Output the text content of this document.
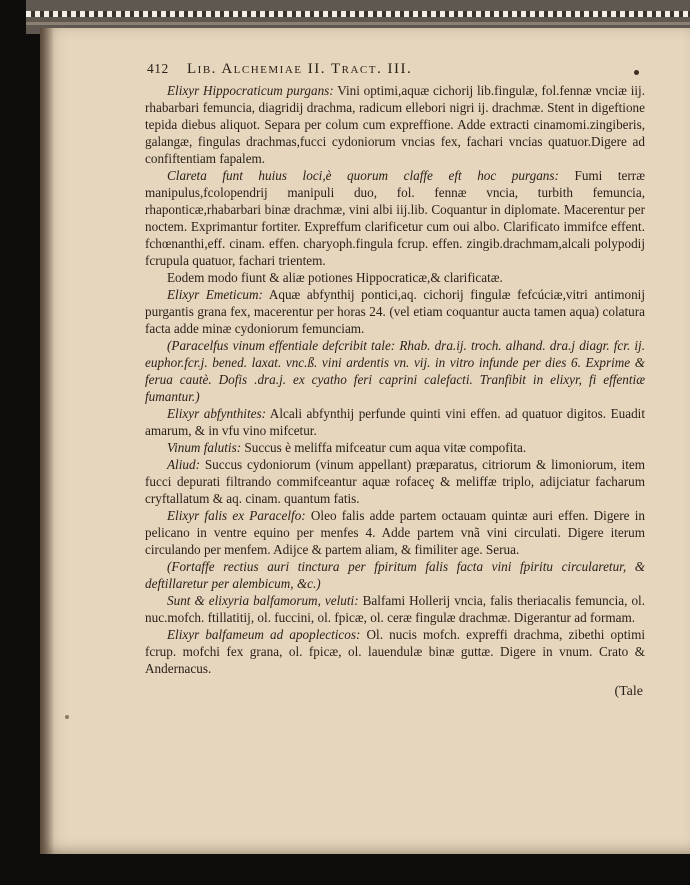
412	Lib. Alchemiae II. Tract. III.

Elixyr Hippocraticum purgans: Vini optimi,aquæ cichorij lib.fingulæ, fol.fennæ vnciæ iij. rhabarbari femuncia, diagridij drachma, radicum ellebori nigri ij. drachmæ. Stent in digeftione tepida diebus aliquot. Separa per colum cum expreffione. Adde extracti cinamomi.zingiberis, galangæ, fingulas drachmas,fucci cydoniorum vncias fex, fachari vncias quatuor.Digere ad confiftentiam fapalem.

Clareta funt huius loci,è quorum claffe eft hoc purgans: Fumi terræ manipulus,fcolopendrij manipuli duo, fol. fennæ vncia, turbith femuncia, rhaponticæ,rhabarbari binæ drachmæ, vini albi iij.lib. Coquantur in diplomate. Macerentur per noctem. Exprimantur fortiter. Expreffum clarificetur cum oui albo. Clarificato immifce effent. fchœnanthi,eff. cinam. effen. charyoph.fingula fcrup. effen. zingib.drachmam,alcali polypodij fcrupula quatuor, fachari trientem.

Eodem modo fiunt & aliæ potiones Hippocraticæ,& clarificatæ.

Elixyr Emeticum: Aquæ abfynthij pontici,aq. cichorij fingulæ fefcúciæ,vitri antimonij purgantis grana fex, macerentur per horas 24. (vel etiam coquantur aucta tamen aqua) colatura facta adde minæ cydoniorum femunciam.

(Paracelfus vinum effentiale defcribit tale: Rhab. dra.ij. troch. alhand. dra.j diagr. fcr. ij. euphor.fcr.j. bened. laxat. vnc.ß. vini ardentis vn. vij. in vitro infunde per dies 6. Exprime & ferua cautè. Dofis .dra.j. ex cyatho feri caprini calefacti. Tranfibit in elixyr, fi effentiæ fumantur.)

Elixyr abfynthites: Alcali abfynthij perfunde quinti vini effen. ad quatuor digitos. Euadit amarum, & in vfu vino mifcetur.

Vinum falutis: Succus è meliffa mifceatur cum aqua vitæ compofita.

Aliud: Succus cydoniorum (vinum appellant) præparatus, citriorum & limoniorum, item fucci depurati filtrando commifceantur aquæ rofaceç & meliffæ triplo, adijciatur facharum cryftallatum & aq. cinam. quantum fatis.

Elixyr falis ex Paracelfo: Oleo falis adde partem octauam quintæ auri effen. Digere in pelicano in ventre equino per menfes 4. Adde partem vnã vini circulati. Digere iterum circulando per menfem. Adijce & partem aliam, & fimiliter age. Serua.

(Fortaffe rectius auri tinctura per fpiritum falis facta vini fpiritu circularetur, & deftillaretur per alembicum, &c.)

Sunt & elixyria balfamorum, veluti: Balfami Hollerij vncia, falis theriacalis femuncia, ol. nuc.mofch. ftillatitij, ol. fuccini, ol. fpicæ, ol. ceræ fingulæ drachmæ. Digerantur ad formam.

Elixyr balfameum ad apoplecticos: Ol. nucis mofch. expreffi drachma, zibethi optimi fcrup. mofchi fex grana, ol. fpicæ, ol. lauendulæ binæ guttæ. Digere in vnum. Crato & Andernacus.

(Tale
